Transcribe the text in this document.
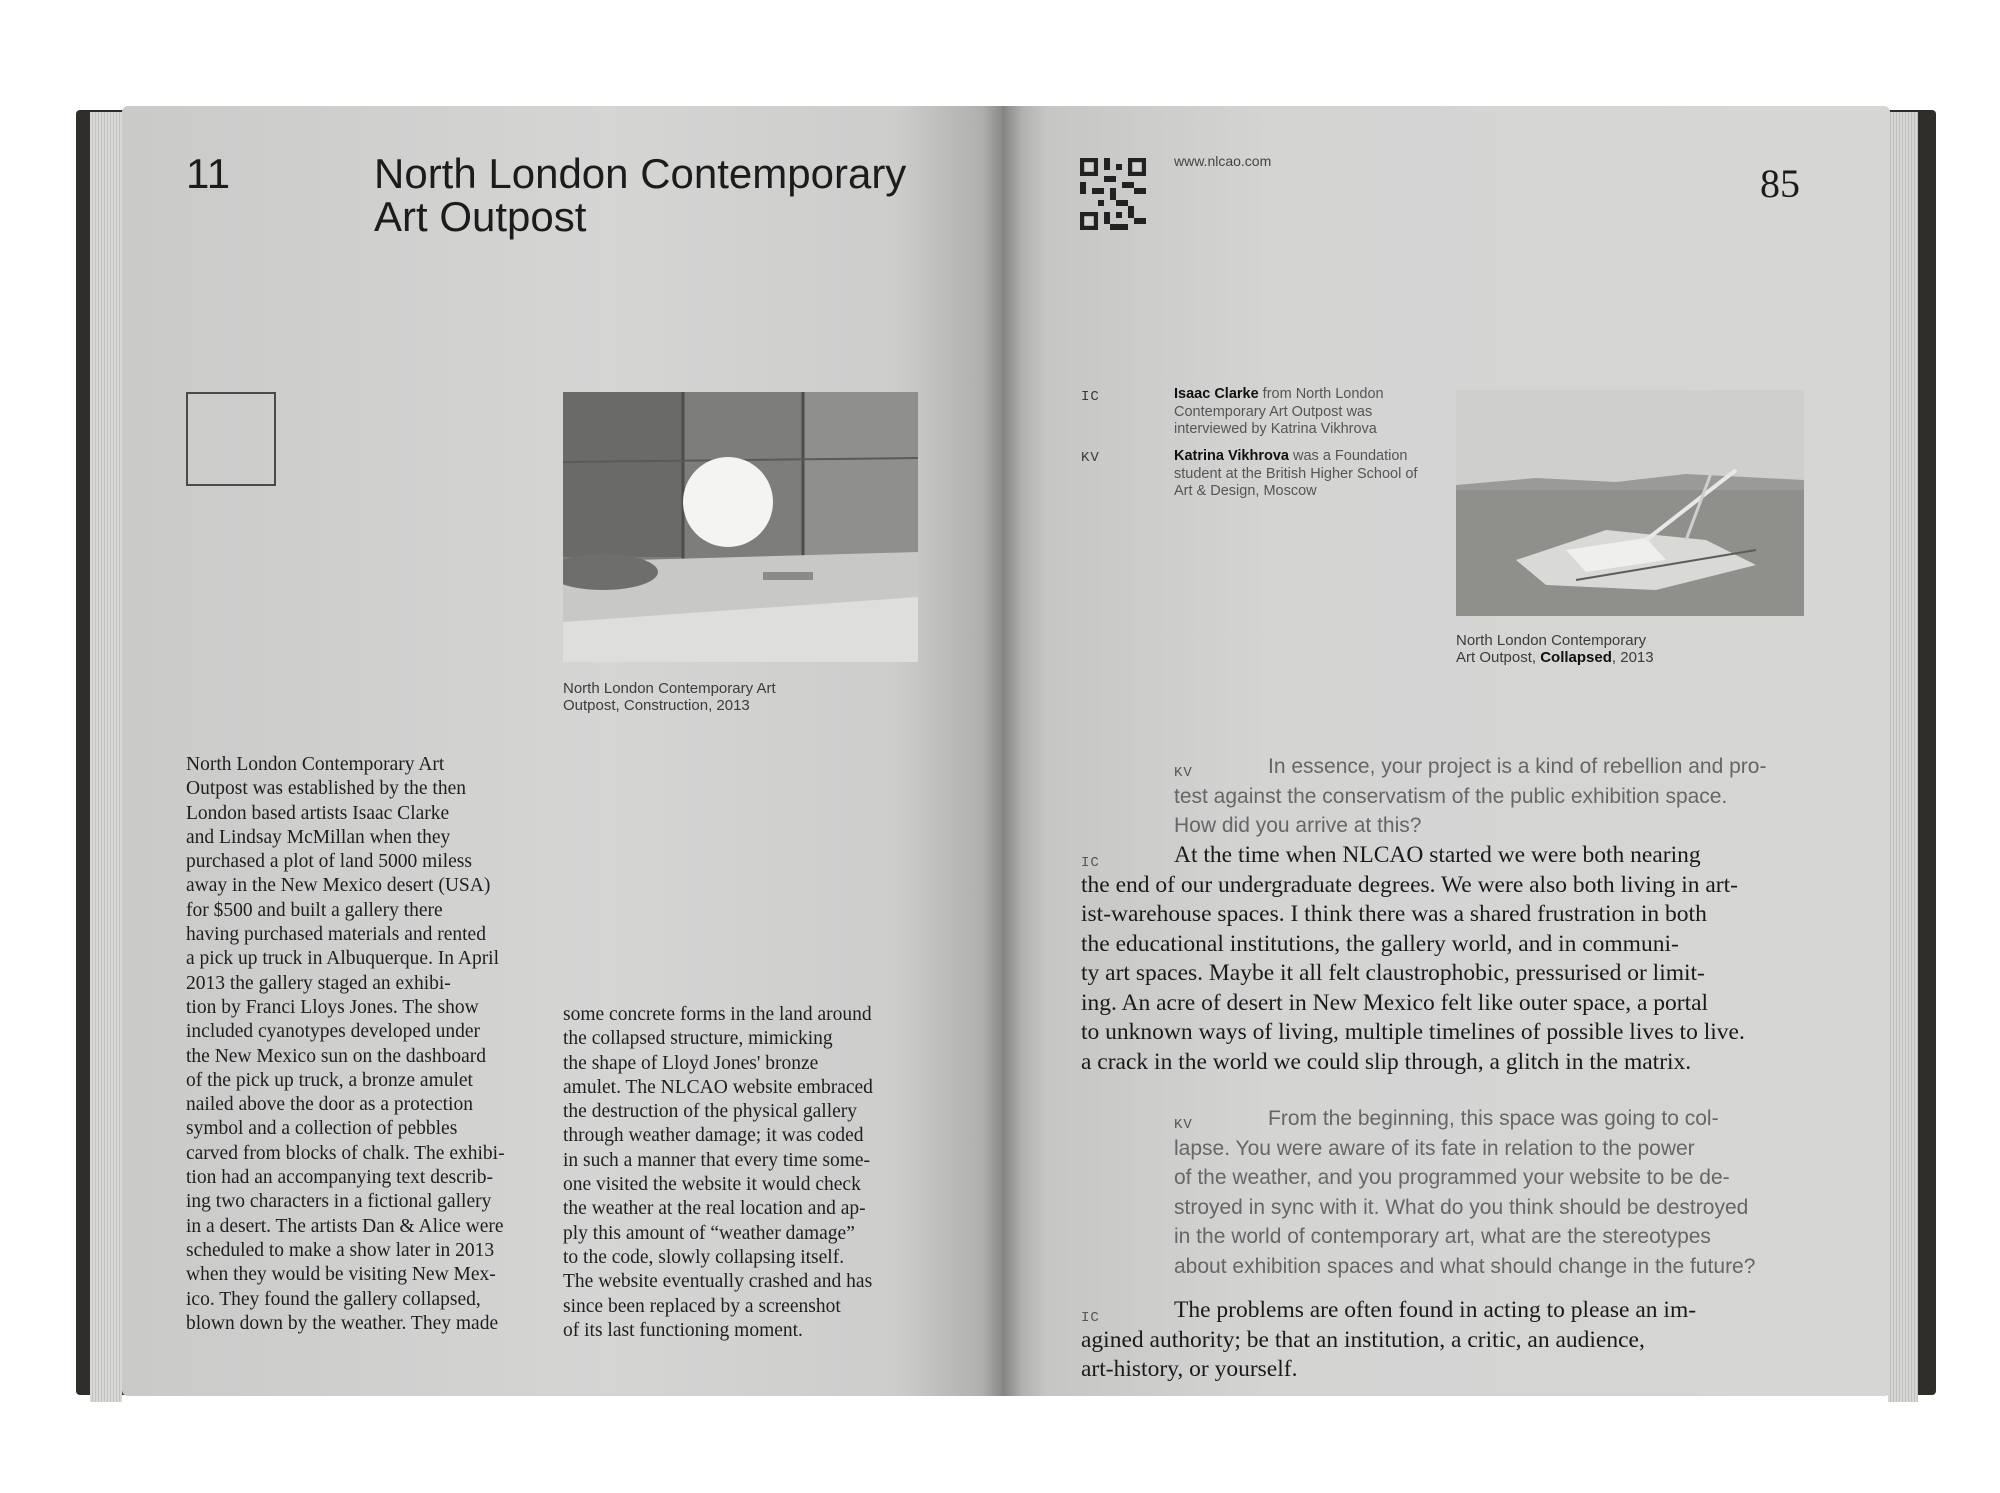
11	North London Contemporary
Art Outpost
North London Contemporary Art
Outpost, Construction, 2013
North London Contemporary Art
Outpost was established by the then
London based artists Isaac Clarke
and Lindsay McMillan when they
purchased a plot of land 5000 miless
away in the New Mexico desert (USA)
for $500 and built a gallery there
having purchased materials and rented
a pick up truck in Albuquerque. In April
2013 the gallery staged an exhibi-
tion by Franci Lloys Jones. The show
included cyanotypes developed under
the New Mexico sun on the dashboard
of the pick up truck, a bronze amulet
nailed above the door as a protection
symbol and a collection of pebbles
carved from blocks of chalk. The exhibi-
tion had an accompanying text describ-
ing two characters in a fictional gallery
in a desert. The artists Dan & Alice were
scheduled to make a show later in 2013
when they would be visiting New Mex-
ico. They found the gallery collapsed,
blown down by the weather. They made
some concrete forms in the land around
the collapsed structure, mimicking
the shape of Lloyd Jones' bronze
amulet. The NLCAO website embraced
the destruction of the physical gallery
through weather damage; it was coded
in such a manner that every time some-
one visited the website it would check
the weather at the real location and ap-
ply this amount of “weather damage”
to the code, slowly collapsing itself.
The website eventually crashed and has
since been replaced by a screenshot
of its last functioning moment.
www.nlcao.com	85
IC	Isaac Clarke from North London Contemporary Art Outpost was interviewed by Katrina Vikhrova
KV	Katrina Vikhrova was a Foundation student at the British Higher School of Art & Design, Moscow
North London Contemporary
Art Outpost, Collapsed, 2013
KV	In essence, your project is a kind of rebellion and pro-
test against the conservatism of the public exhibition space.
How did you arrive at this?
IC	At the time when NLCAO started we were both nearing
the end of our undergraduate degrees. We were also both living in art-
ist-warehouse spaces. I think there was a shared frustration in both
the educational institutions, the gallery world, and in communi-
ty art spaces. Maybe it all felt claustrophobic, pressurised or limit-
ing. An acre of desert in New Mexico felt like outer space, a portal
to unknown ways of living, multiple timelines of possible lives to live.
a crack in the world we could slip through, a glitch in the matrix.
KV	From the beginning, this space was going to col-
lapse. You were aware of its fate in relation to the power
of the weather, and you programmed your website to be de-
stroyed in sync with it. What do you think should be destroyed
in the world of contemporary art, what are the stereotypes
about exhibition spaces and what should change in the future?
IC	The problems are often found in acting to please an im-
agined authority; be that an institution, a critic, an audience,
art-history, or yourself.
